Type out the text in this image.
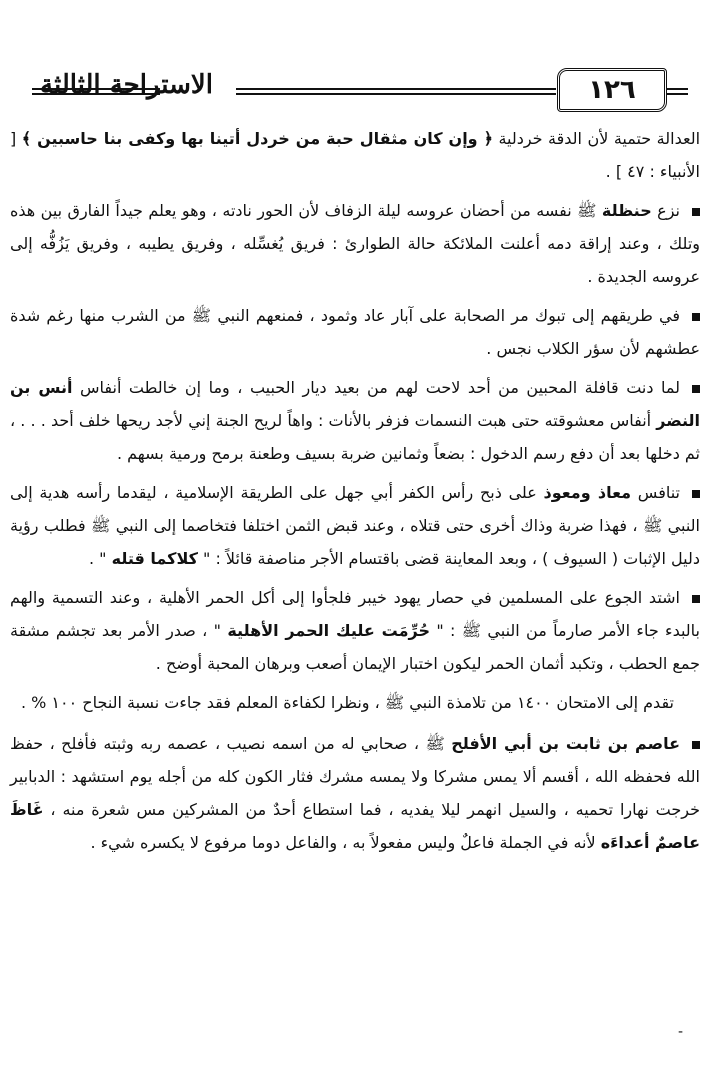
الاستراحة الثالثة	١٢٦

العدالة حتمية لأن الدقة خردلية ﴿ وإن كان مثقال حبة من خردل أتينا بها وكفى بنا حاسبين ﴾ [ الأنبياء : ٤٧ ] .

نزع حنظلة ﷺ نفسه من أحضان عروسه ليلة الزفاف لأن الحور نادته ، وهو يعلم جيداً الفارق بين هذه وتلك ، وعند إراقة دمه أعلنت الملائكة حالة الطوارئ : فريق يُغسِّله ، وفريق يطيبه ، وفريق يَزُفُّه إلى عروسه الجديدة .

في طريقهم إلى تبوك مر الصحابة على آبار عاد وثمود ، فمنعهم النبي ﷺ من الشرب منها رغم شدة عطشهم لأن سؤر الكلاب نجس .

لما دنت قافلة المحبين من أحد لاحت لهم من بعيد ديار الحبيب ، وما إن خالطت أنفاس أنس بن النضر أنفاس معشوقته حتى هبت النسمات فزفر بالأنات : واهاً لريح الجنة إني لأجد ريحها خلف أحد . . . ، ثم دخلها بعد أن دفع رسم الدخول : بضعاً وثمانين ضربة بسيف وطعنة برمح ورمية بسهم .

تنافس معاذ ومعوذ على ذبح رأس الكفر أبي جهل على الطريقة الإسلامية ، ليقدما رأسه هدية إلى النبي ﷺ ، فهذا ضربة وذاك أخرى حتى قتلاه ، وعند قبض الثمن اختلفا فتخاصما إلى النبي ﷺ فطلب رؤية دليل الإثبات ( السيوف ) ، وبعد المعاينة قضى باقتسام الأجر مناصفة قائلاً : " كلاكما قتله " .

اشتد الجوع على المسلمين في حصار يهود خيبر فلجأوا إلى أكل الحمر الأهلية ، وعند التسمية والهم بالبدء جاء الأمر صارماً من النبي ﷺ : " حُرِّمَت عليك الحمر الأهلية " ، صدر الأمر بعد تجشم مشقة جمع الحطب ، وتكبد أثمان الحمر ليكون اختبار الإيمان أصعب وبرهان المحبة أوضح .

تقدم إلى الامتحان ١٤٠٠ من تلامذة النبي ﷺ ، ونظرا لكفاءة المعلم فقد جاءت نسبة النجاح ١٠٠ % .

عاصم بن ثابت بن أبي الأفلح ﷺ ، صحابي له من اسمه نصيب ، عصمه ربه وثبته فأفلح ، حفظ الله فحفظه الله ، أقسم ألا يمس مشركا ولا يمسه مشرك فثار الكون كله من أجله يوم استشهد : الدبابير خرجت نهارا تحميه ، والسيل انهمر ليلا يفديه ، فما استطاع أحدٌ من المشركين مس شعرة منه ، غَاظَ عاصمٌ أعداءَه لأنه في الجملة فاعلٌ وليس مفعولاً به ، والفاعل دوما مرفوع لا يكسره شيء .

-
